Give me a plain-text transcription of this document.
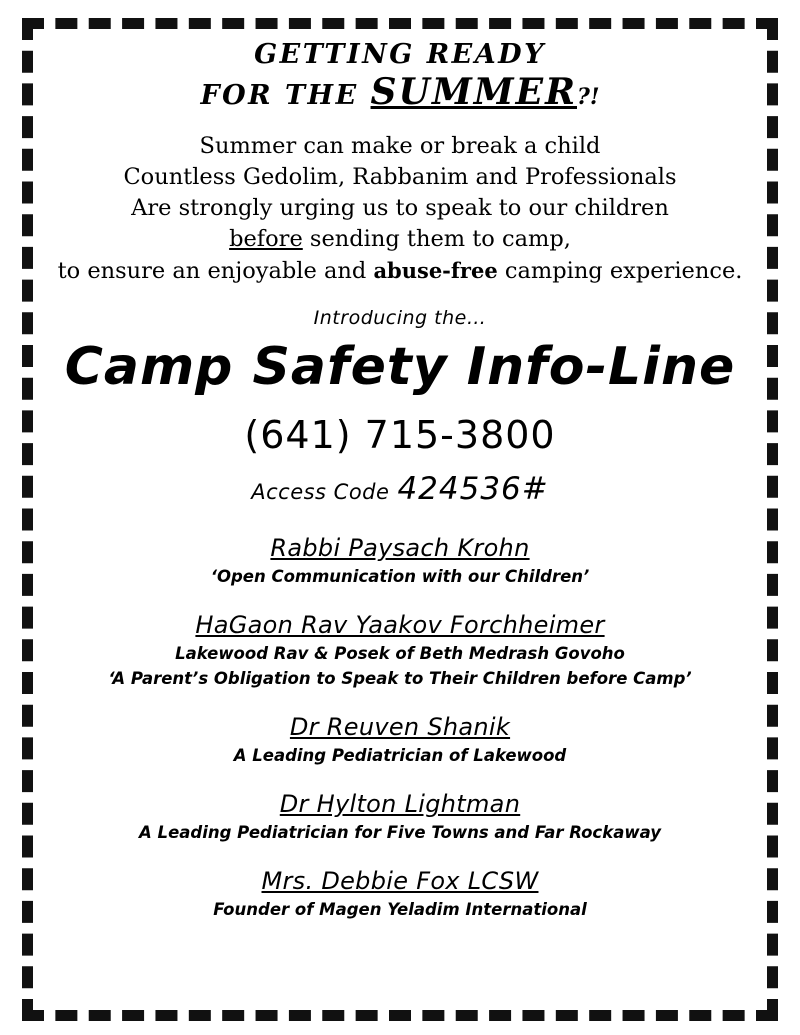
GETTING READY
FOR THE SUMMER?!
Summer can make or break a child
Countless Gedolim, Rabbanim and Professionals
Are strongly urging us to speak to our children
before sending them to camp,
to ensure an enjoyable and abuse-free camping experience.
Introducing the…
Camp Safety Info-Line
(641) 715-3800
Access Code 424536#
Rabbi Paysach Krohn
‘Open Communication with our Children’
HaGaon Rav Yaakov Forchheimer
Lakewood Rav & Posek of Beth Medrash Govoho
‘A Parent’s Obligation to Speak to Their Children before Camp’
Dr Reuven Shanik
A Leading Pediatrician of Lakewood
Dr Hylton Lightman
A Leading Pediatrician for Five Towns and Far Rockaway
Mrs. Debbie Fox LCSW
Founder of Magen Yeladim International
